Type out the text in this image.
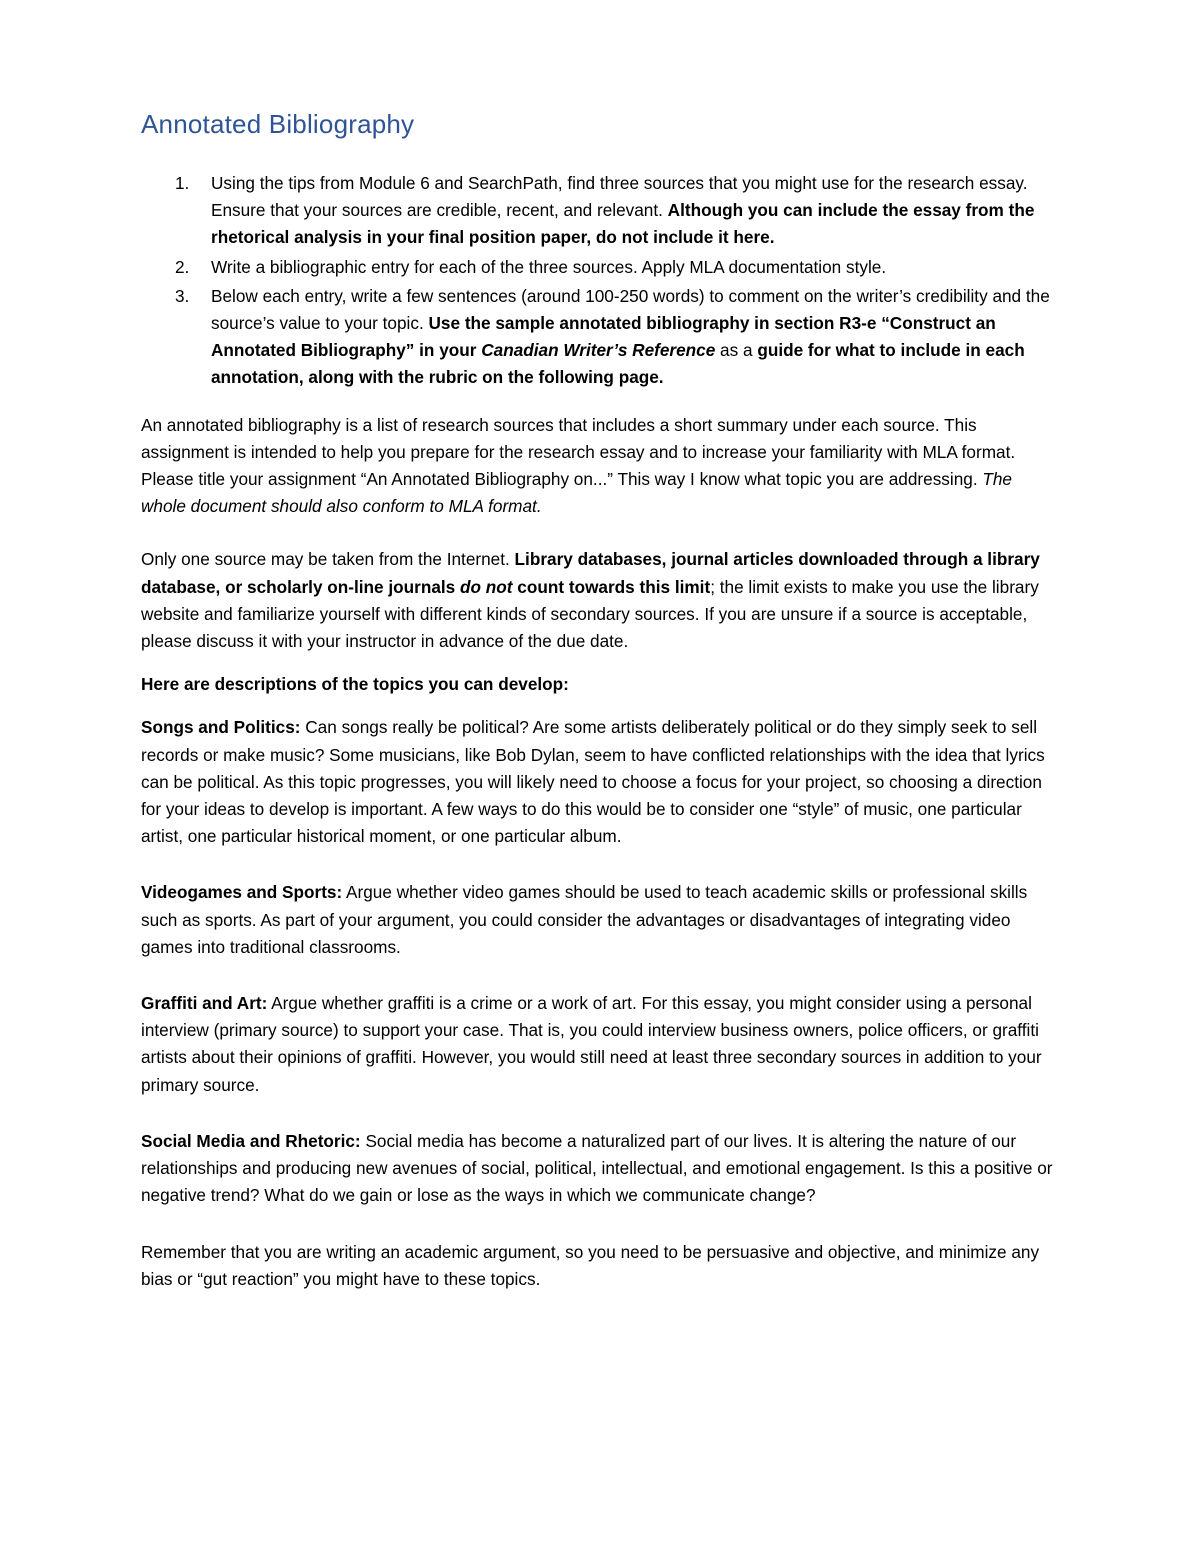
Annotated Bibliography
1. Using the tips from Module 6 and SearchPath, find three sources that you might use for the research essay. Ensure that your sources are credible, recent, and relevant. Although you can include the essay from the rhetorical analysis in your final position paper, do not include it here.
2. Write a bibliographic entry for each of the three sources. Apply MLA documentation style.
3. Below each entry, write a few sentences (around 100-250 words) to comment on the writer’s credibility and the source’s value to your topic. Use the sample annotated bibliography in section R3-e “Construct an Annotated Bibliography” in your Canadian Writer’s Reference as a guide for what to include in each annotation, along with the rubric on the following page.

An annotated bibliography is a list of research sources that includes a short summary under each source. This assignment is intended to help you prepare for the research essay and to increase your familiarity with MLA format. Please title your assignment “An Annotated Bibliography on...” This way I know what topic you are addressing. The whole document should also conform to MLA format.

Only one source may be taken from the Internet. Library databases, journal articles downloaded through a library database, or scholarly on-line journals do not count towards this limit; the limit exists to make you use the library website and familiarize yourself with different kinds of secondary sources. If you are unsure if a source is acceptable, please discuss it with your instructor in advance of the due date.

Here are descriptions of the topics you can develop:

Songs and Politics: Can songs really be political? Are some artists deliberately political or do they simply seek to sell records or make music? Some musicians, like Bob Dylan, seem to have conflicted relationships with the idea that lyrics can be political. As this topic progresses, you will likely need to choose a focus for your project, so choosing a direction for your ideas to develop is important. A few ways to do this would be to consider one “style” of music, one particular artist, one particular historical moment, or one particular album.

Videogames and Sports: Argue whether video games should be used to teach academic skills or professional skills such as sports. As part of your argument, you could consider the advantages or disadvantages of integrating video games into traditional classrooms.

Graffiti and Art: Argue whether graffiti is a crime or a work of art. For this essay, you might consider using a personal interview (primary source) to support your case. That is, you could interview business owners, police officers, or graffiti artists about their opinions of graffiti. However, you would still need at least three secondary sources in addition to your primary source.

Social Media and Rhetoric: Social media has become a naturalized part of our lives. It is altering the nature of our relationships and producing new avenues of social, political, intellectual, and emotional engagement. Is this a positive or negative trend? What do we gain or lose as the ways in which we communicate change?

Remember that you are writing an academic argument, so you need to be persuasive and objective, and minimize any bias or “gut reaction” you might have to these topics.
